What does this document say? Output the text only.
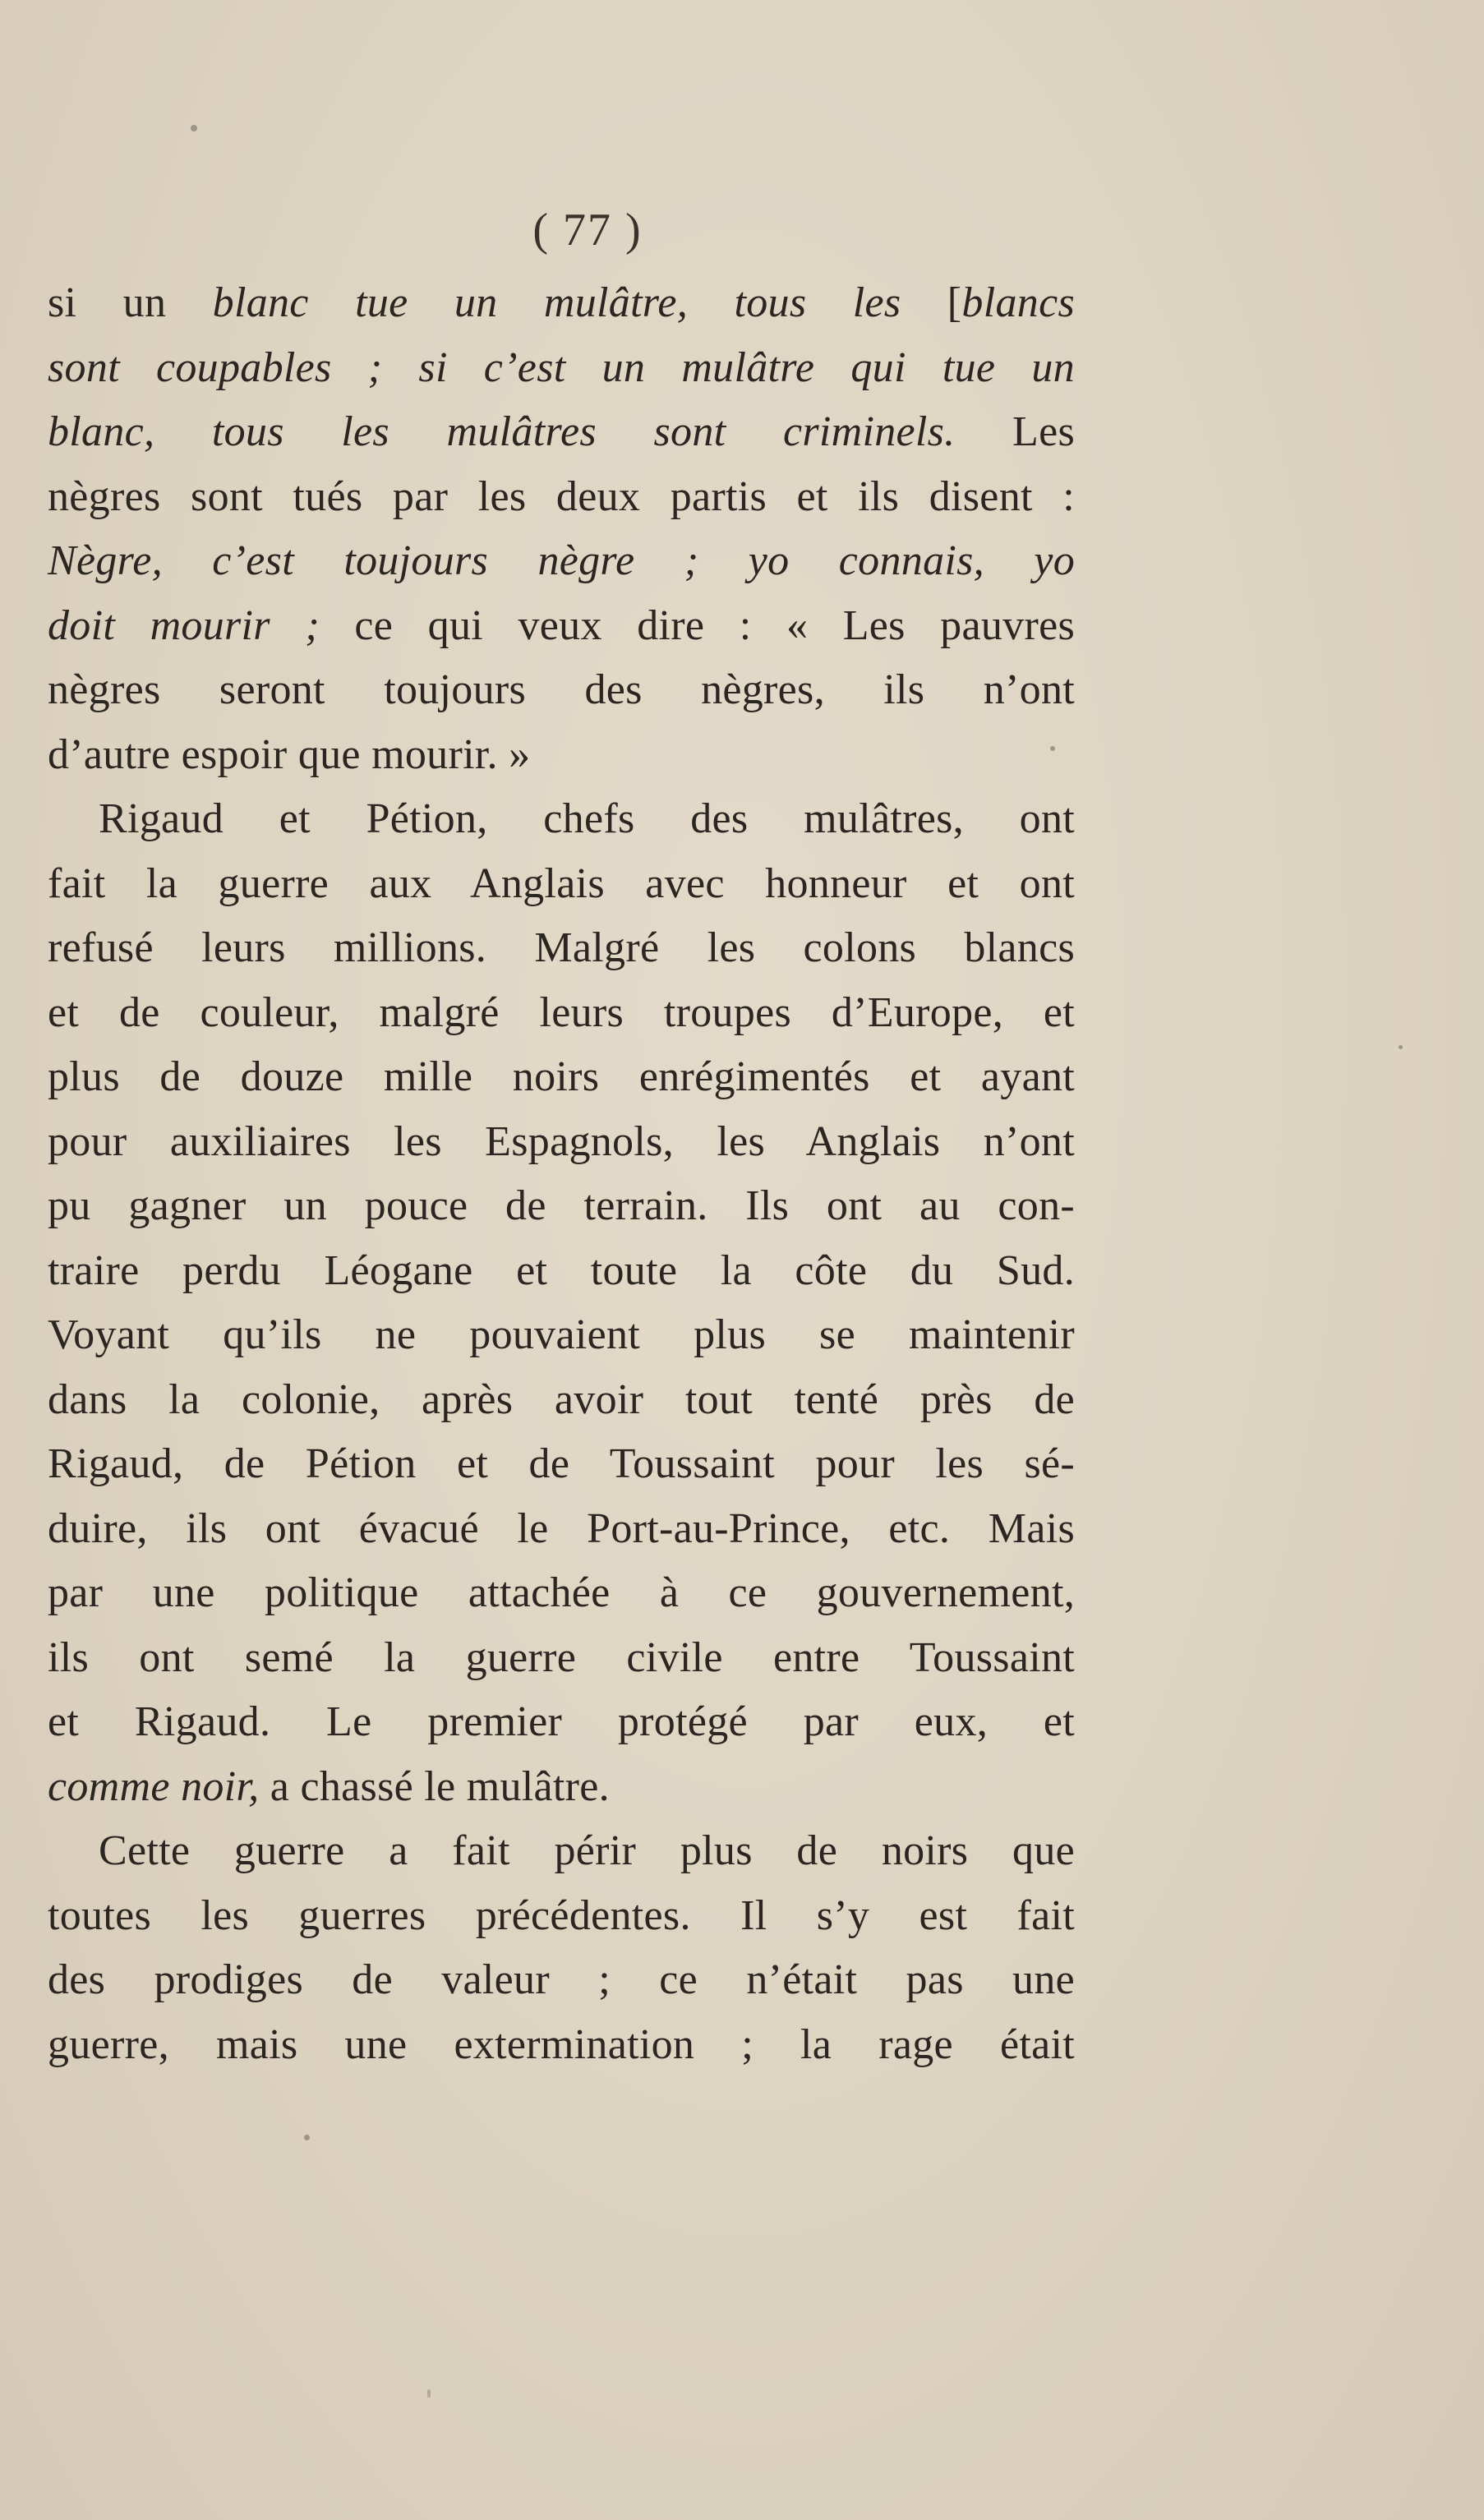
( 77 )
si un blanc tue un mulâtre, tous les [blancs
sont coupables ; si c’est un mulâtre qui tue un
blanc, tous les mulâtres sont criminels. Les
nègres sont tués par les deux partis et ils disent :
Nègre, c’est toujours nègre ; yo connais, yo
doit mourir ; ce qui veux dire : « Les pauvres
nègres seront toujours des nègres, ils n’ont
d’autre espoir que mourir. »
Rigaud et Pétion, chefs des mulâtres, ont
fait la guerre aux Anglais avec honneur et ont
refusé leurs millions. Malgré les colons blancs
et de couleur, malgré leurs troupes d’Europe, et
plus de douze mille noirs enrégimentés et ayant
pour auxiliaires les Espagnols, les Anglais n’ont
pu gagner un pouce de terrain. Ils ont au con-
traire perdu Léogane et toute la côte du Sud.
Voyant qu’ils ne pouvaient plus se maintenir
dans la colonie, après avoir tout tenté près de
Rigaud, de Pétion et de Toussaint pour les sé-
duire, ils ont évacué le Port-au-Prince, etc. Mais
par une politique attachée à ce gouvernement,
ils ont semé la guerre civile entre Toussaint
et Rigaud. Le premier protégé par eux, et
comme noir, a chassé le mulâtre.
Cette guerre a fait périr plus de noirs que
toutes les guerres précédentes. Il s’y est fait
des prodiges de valeur ; ce n’était pas une
guerre, mais une extermination ; la rage était
